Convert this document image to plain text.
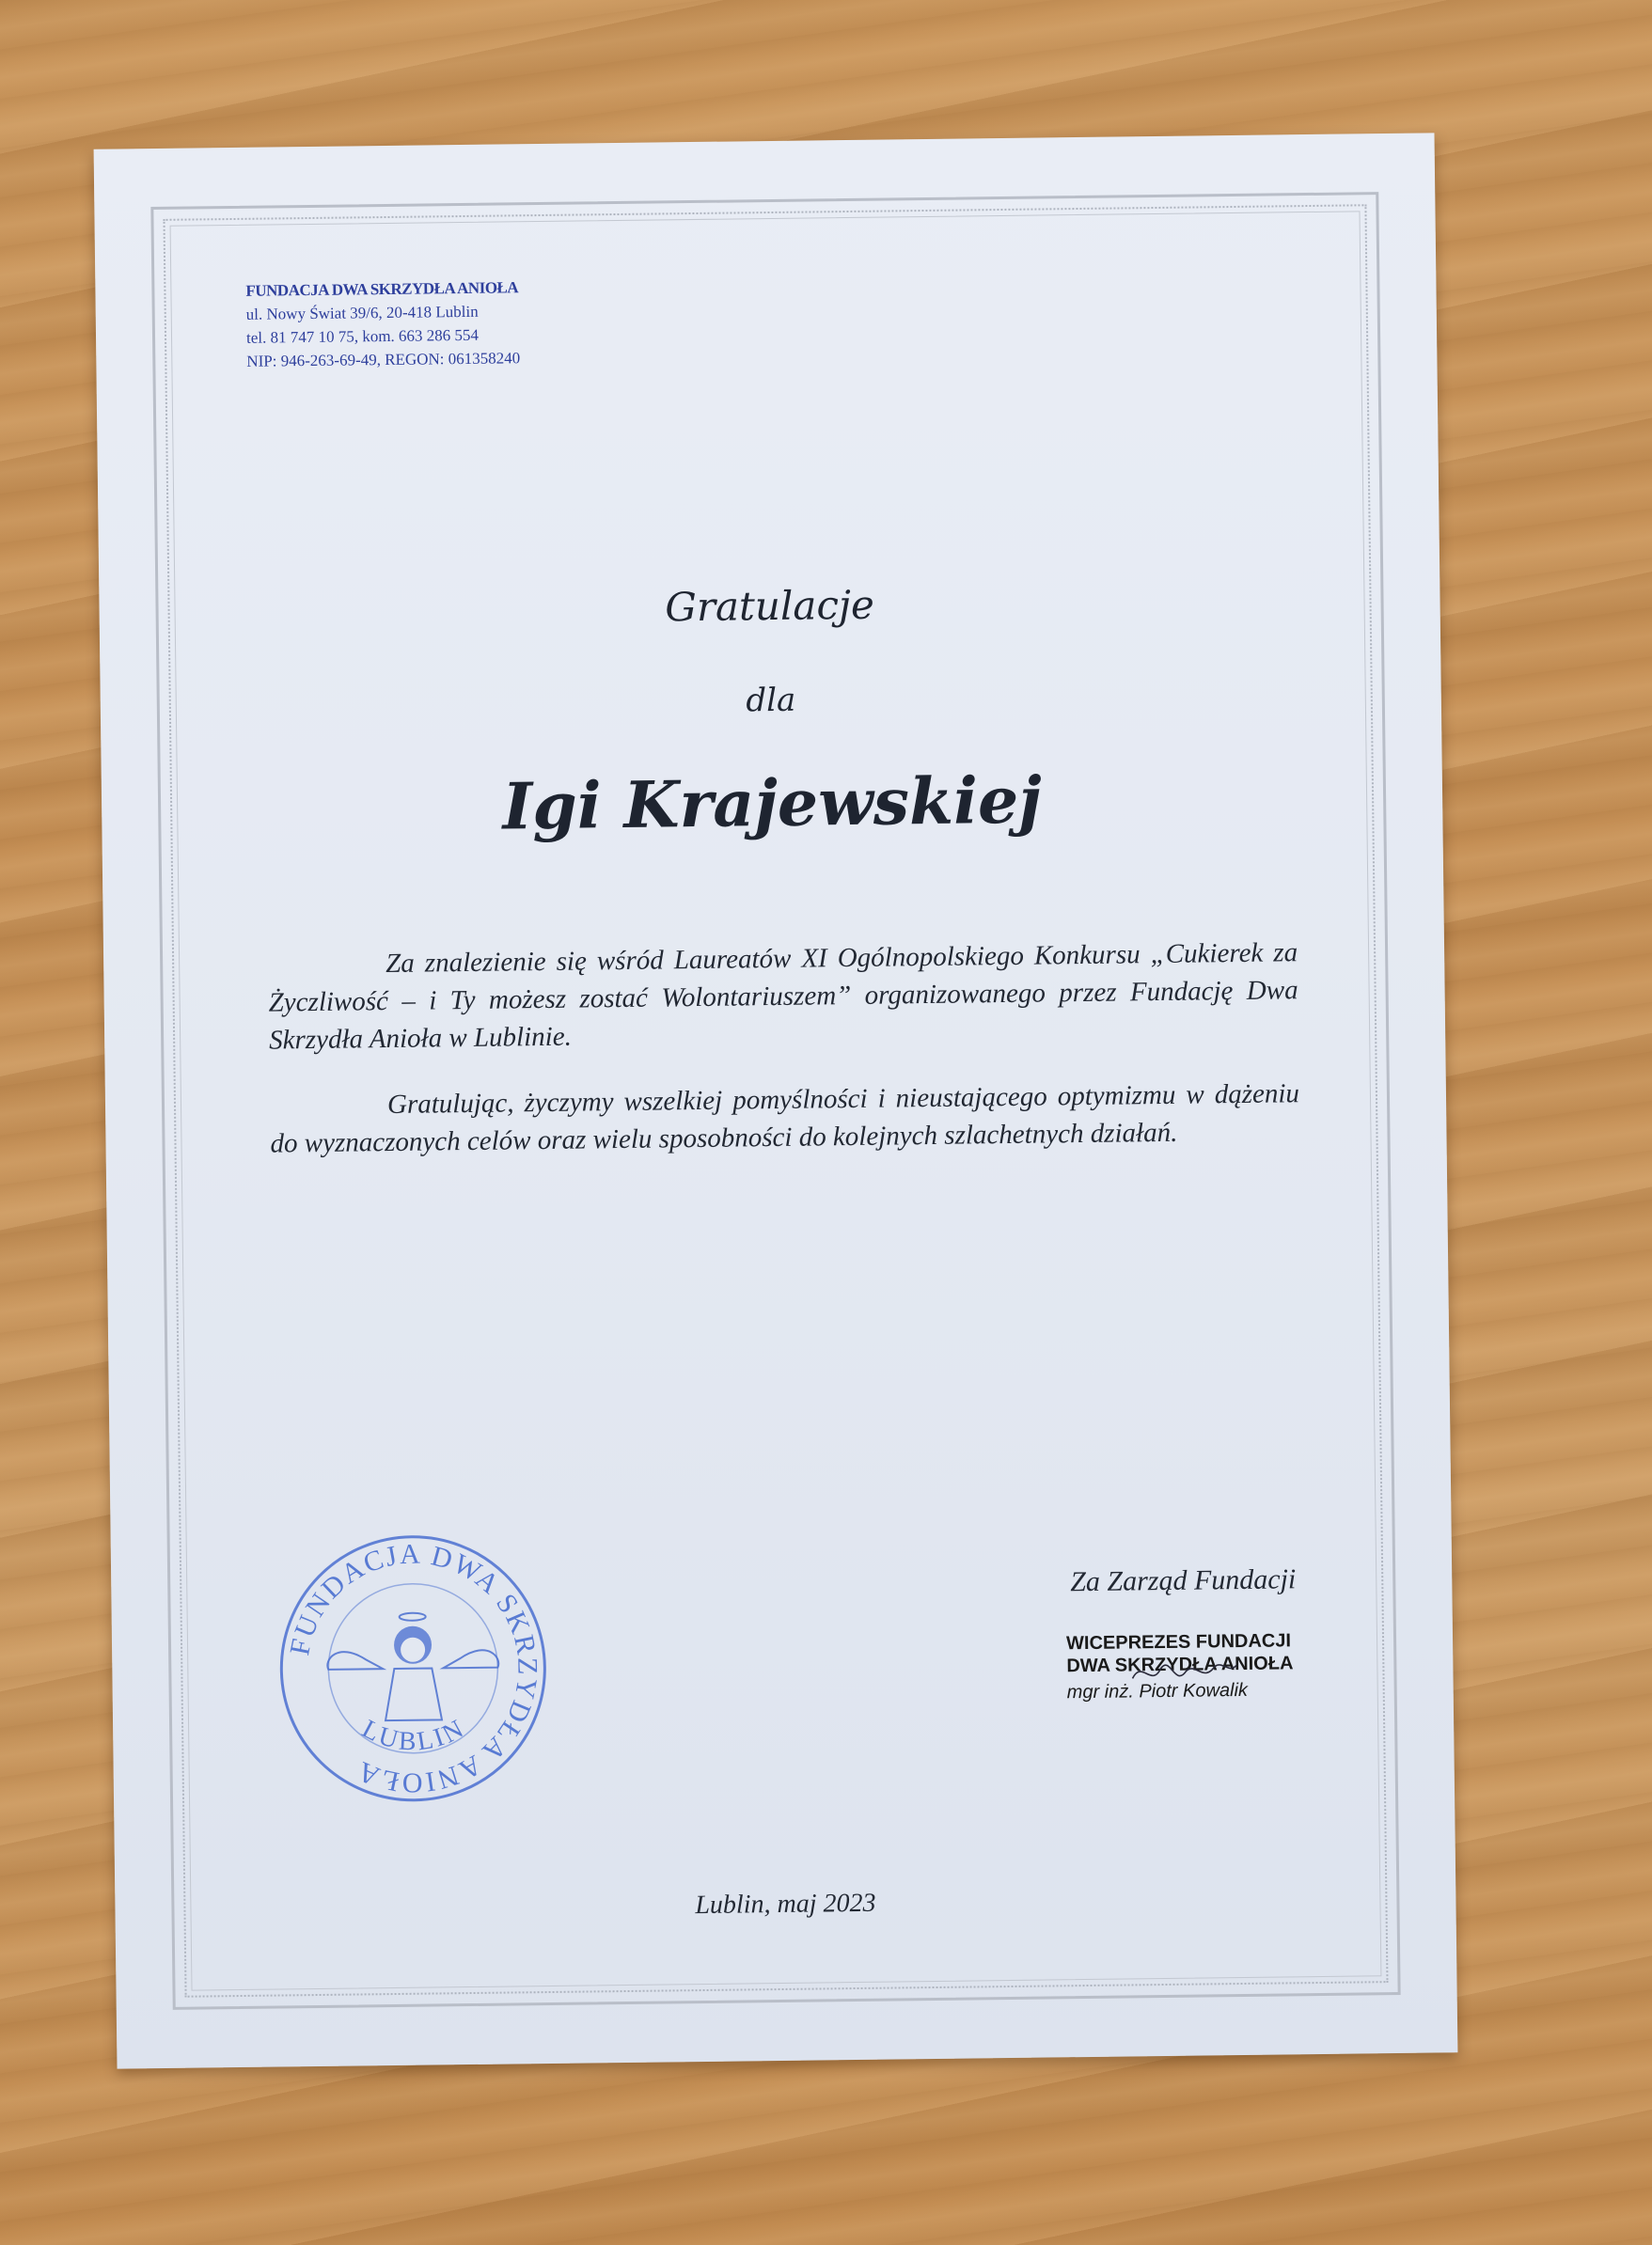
FUNDACJA DWA SKRZYDŁA ANIOŁA
ul. Nowy Świat 39/6, 20-418 Lublin
tel. 81 747 10 75, kom. 663 286 554
NIP: 946-263-69-49, REGON: 061358240
Gratulacje
dla
Igi Krajewskiej
Za znalezienie się wśród Laureatów XI Ogólnopolskiego Konkursu „Cukierek za Życzliwość – i Ty możesz zostać Wolontariuszem” organizowanego przez Fundację Dwa Skrzydła Anioła w Lublinie.
Gratulując, życzymy wszelkiej pomyślności i nieustającego optymizmu w dążeniu do wyznaczonych celów oraz wielu sposobności do kolejnych szlachetnych działań.
FUNDACJA DWA SKRZYDŁA ANIOŁA
LUBLIN
Za Zarząd Fundacji
WICEPREZES FUNDACJI
DWA SKRZYDŁA ANIOŁA
mgr inż. Piotr Kowalik
Lublin, maj 2023
